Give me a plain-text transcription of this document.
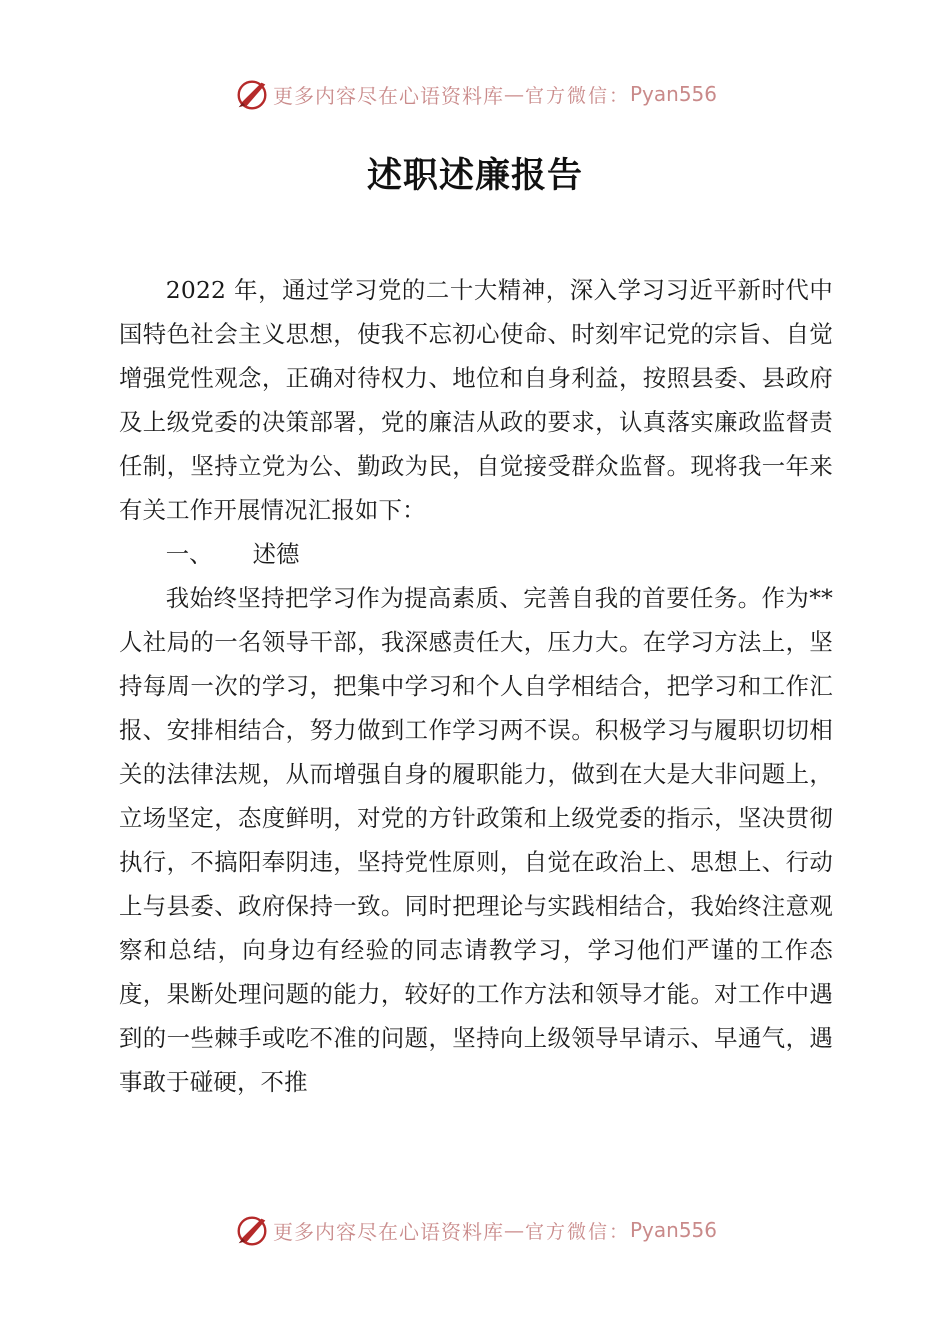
更多内容尽在心语资料库 — 官方微信： Pyan556
述职述廉报告

2022 年，通过学习党的二十大精神，深入学习习近平新时代中国特色社会主义思想，使我不忘初心使命、时刻牢记党的宗旨、自觉增强党性观念，正确对待权力、地位和自身利益，按照县委、县政府及上级党委的决策部署，党的廉洁从政的要求，认真落实廉政监督责任制，坚持立党为公、勤政为民，自觉接受群众监督。现将我一年来有关工作开展情况汇报如下：

一、 述德

我始终坚持把学习作为提高素质、完善自我的首要任务。作为**人社局的一名领导干部，我深感责任大，压力大。在学习方法上，坚持每周一次的学习，把集中学习和个人自学相结合，把学习和工作汇报、安排相结合，努力做到工作学习两不误。积极学习与履职切切相关的法律法规，从而增强自身的履职能力，做到在大是大非问题上，立场坚定，态度鲜明，对党的方针政策和上级党委的指示，坚决贯彻执行，不搞阳奉阴违，坚持党性原则，自觉在政治上、思想上、行动上与县委、政府保持一致。同时把理论与实践相结合，我始终注意观察和总结，向身边有经验的同志请教学习，学习他们严谨的工作态度，果断处理问题的能力，较好的工作方法和领导才能。对工作中遇到的一些棘手或吃不准的问题，坚持向上级领导早请示、早通气，遇事敢于碰硬，不推

更多内容尽在心语资料库 — 官方微信： Pyan556
